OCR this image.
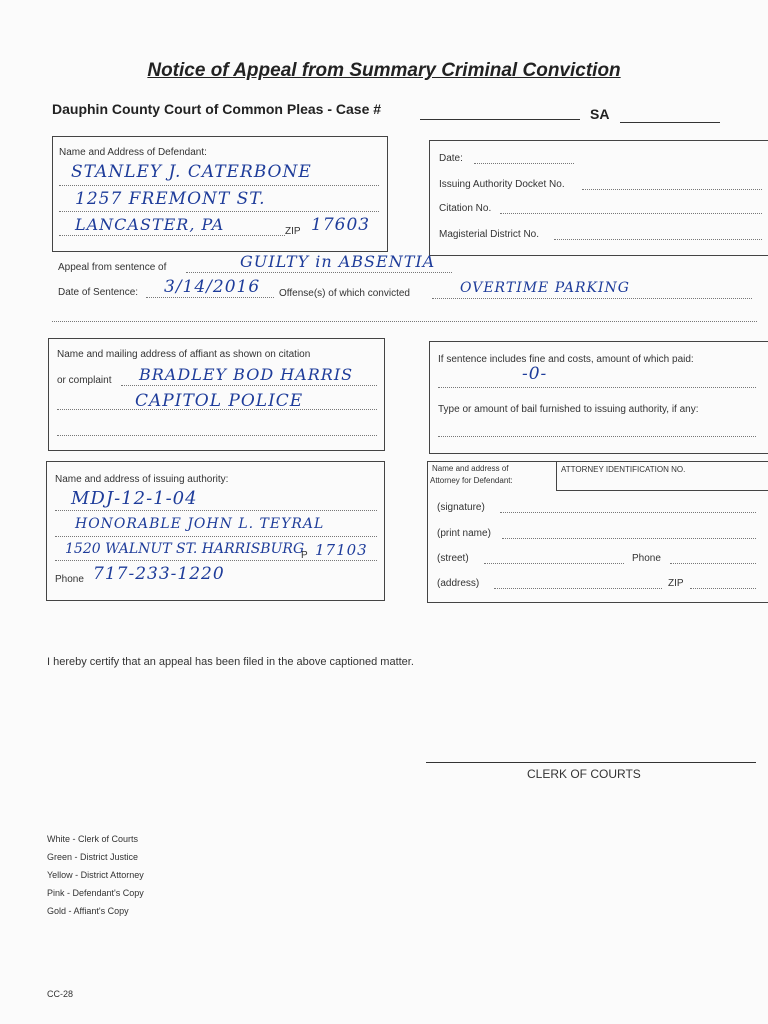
Notice of Appeal from Summary Criminal Conviction
Dauphin County Court of Common Pleas - Case #	SA
Name and Address of Defendant:
STANLEY J. CATERBONE
1257 FREMONT ST.
LANCASTER, PA	ZIP 17603
Date:
Issuing Authority Docket No.
Citation No.
Magisterial District No.
Appeal from sentence of	GUILTY in ABSENTIA
Date of Sentence: 3/14/2016 Offense(s) of which convicted	OVERTIME PARKING
Name and mailing address of affiant as shown on citation
or complaint BRADLEY BOD HARRIS
CAPITOL POLICE
If sentence includes fine and costs, amount of which paid:
-0-
Type or amount of bail furnished to issuing authority, if any:
Name and address of issuing authority:
MDJ-12-1-04
HONORABLE JOHN L. TEYRAL
1520 WALNUT ST. HARRISBURG
P 17103
Phone 717-233-1220
Name and address of
Attorney for Defendant:
ATTORNEY IDENTIFICATION NO.
(signature)
(print name)
(street)	Phone
(address)	ZIP
I hereby certify that an appeal has been filed in the above captioned matter.
CLERK OF COURTS
White - Clerk of Courts
Green - District Justice
Yellow - District Attorney
Pink - Defendant's Copy
Gold - Affiant's Copy
CC-28
